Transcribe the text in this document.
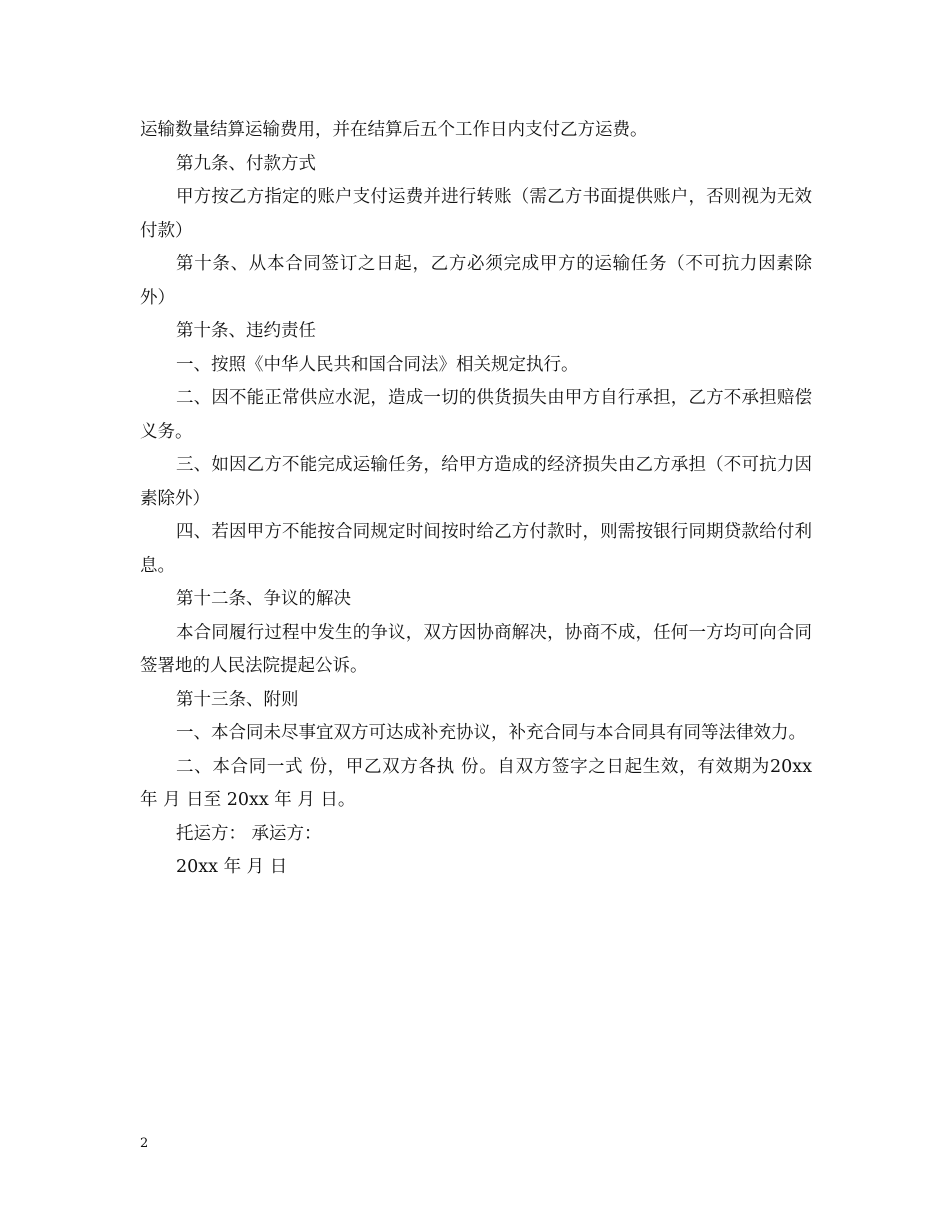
运输数量结算运输费用，并在结算后五个工作日内支付乙方运费。

第九条、付款方式

甲方按乙方指定的账户支付运费并进行转账（需乙方书面提供账户，否则视为无效付款）

第十条、从本合同签订之日起，乙方必须完成甲方的运输任务（不可抗力因素除外）

第十条、违约责任

一、按照《中华人民共和国合同法》相关规定执行。

二、因不能正常供应水泥，造成一切的供货损失由甲方自行承担，乙方不承担赔偿义务。

三、如因乙方不能完成运输任务，给甲方造成的经济损失由乙方承担（不可抗力因素除外）

四、若因甲方不能按合同规定时间按时给乙方付款时，则需按银行同期贷款给付利息。

第十二条、争议的解决

本合同履行过程中发生的争议，双方因协商解决，协商不成，任何一方均可向合同签署地的人民法院提起公诉。

第十三条、附则

一、本合同未尽事宜双方可达成补充协议，补充合同与本合同具有同等法律效力。

二、本合同一式 份，甲乙双方各执 份。自双方签字之日起生效，有效期为20xx 年 月 日至 20xx 年 月 日。

托运方： 承运方：

20xx 年 月 日

2
